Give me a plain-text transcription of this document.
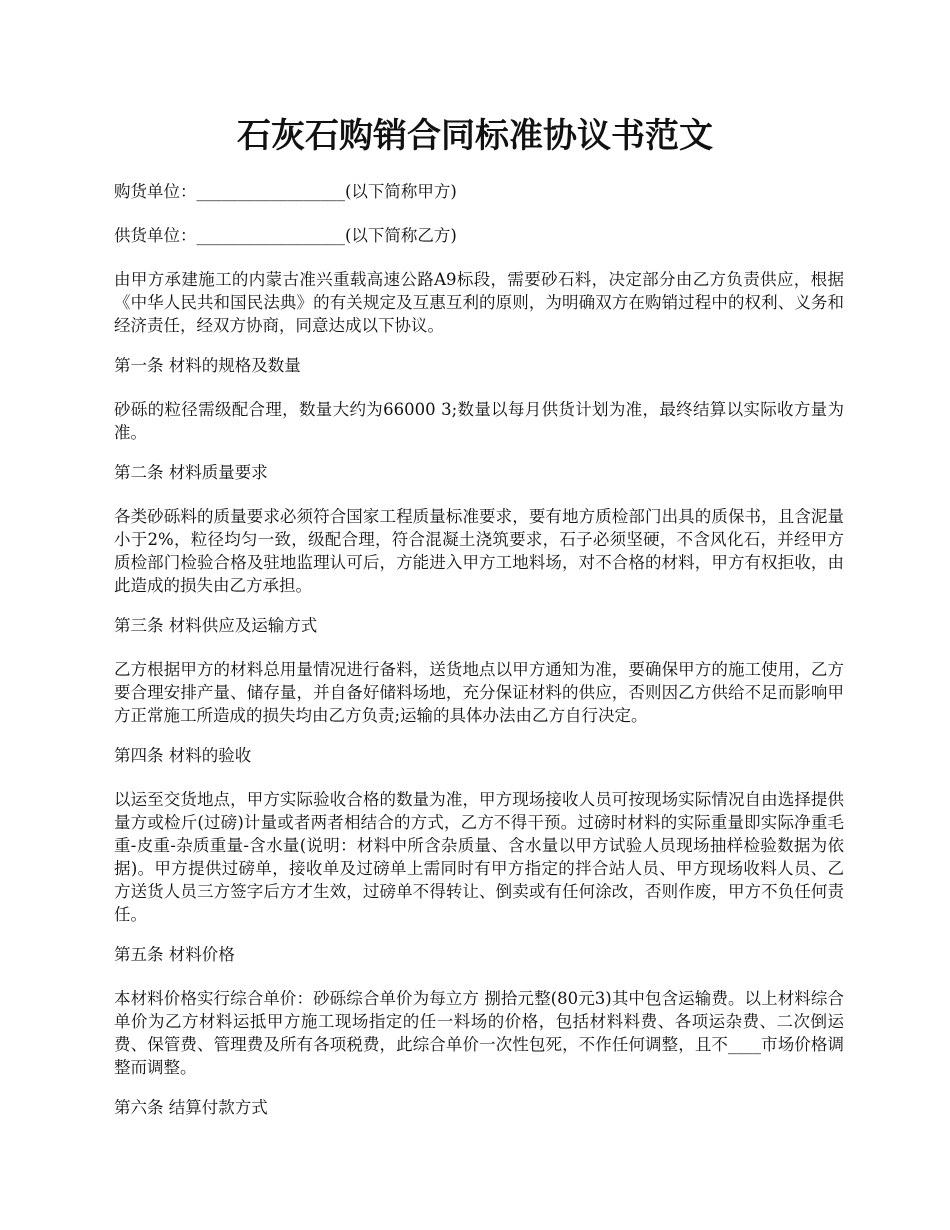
石灰石购销合同标准协议书范文

购货单位：__________________(以下简称甲方)

供货单位：__________________(以下简称乙方)

由甲方承建施工的内蒙古准兴重载高速公路A9标段，需要砂石料，决定部分由乙方负责供应，根据《中华人民共和国民法典》的有关规定及互惠互利的原则，为明确双方在购销过程中的权利、义务和经济责任，经双方协商，同意达成以下协议。

第一条 材料的规格及数量

砂砾的粒径需级配合理，数量大约为66000 3;数量以每月供货计划为准，最终结算以实际收方量为准。

第二条 材料质量要求

各类砂砾料的质量要求必须符合国家工程质量标准要求，要有地方质检部门出具的质保书，且含泥量小于2%，粒径均匀一致，级配合理，符合混凝土浇筑要求，石子必须坚硬，不含风化石，并经甲方质检部门检验合格及驻地监理认可后，方能进入甲方工地料场，对不合格的材料，甲方有权拒收，由此造成的损失由乙方承担。

第三条 材料供应及运输方式

乙方根据甲方的材料总用量情况进行备料，送货地点以甲方通知为准，要确保甲方的施工使用，乙方要合理安排产量、储存量，并自备好储料场地，充分保证材料的供应，否则因乙方供给不足而影响甲方正常施工所造成的损失均由乙方负责;运输的具体办法由乙方自行决定。

第四条 材料的验收

以运至交货地点，甲方实际验收合格的数量为准，甲方现场接收人员可按现场实际情况自由选择提供量方或检斤(过磅)计量或者两者相结合的方式，乙方不得干预。过磅时材料的实际重量即实际净重毛重-皮重-杂质重量-含水量(说明：材料中所含杂质量、含水量以甲方试验人员现场抽样检验数据为依据)。甲方提供过磅单，接收单及过磅单上需同时有甲方指定的拌合站人员、甲方现场收料人员、乙方送货人员三方签字后方才生效，过磅单不得转让、倒卖或有任何涂改，否则作废，甲方不负任何责任。

第五条 材料价格

本材料价格实行综合单价：砂砾综合单价为每立方 捌拾元整(80元3)其中包含运输费。以上材料综合单价为乙方材料运抵甲方施工现场指定的任一料场的价格，包括材料料费、各项运杂费、二次倒运费、保管费、管理费及所有各项税费，此综合单价一次性包死，不作任何调整，且不____市场价格调整而调整。

第六条 结算付款方式
